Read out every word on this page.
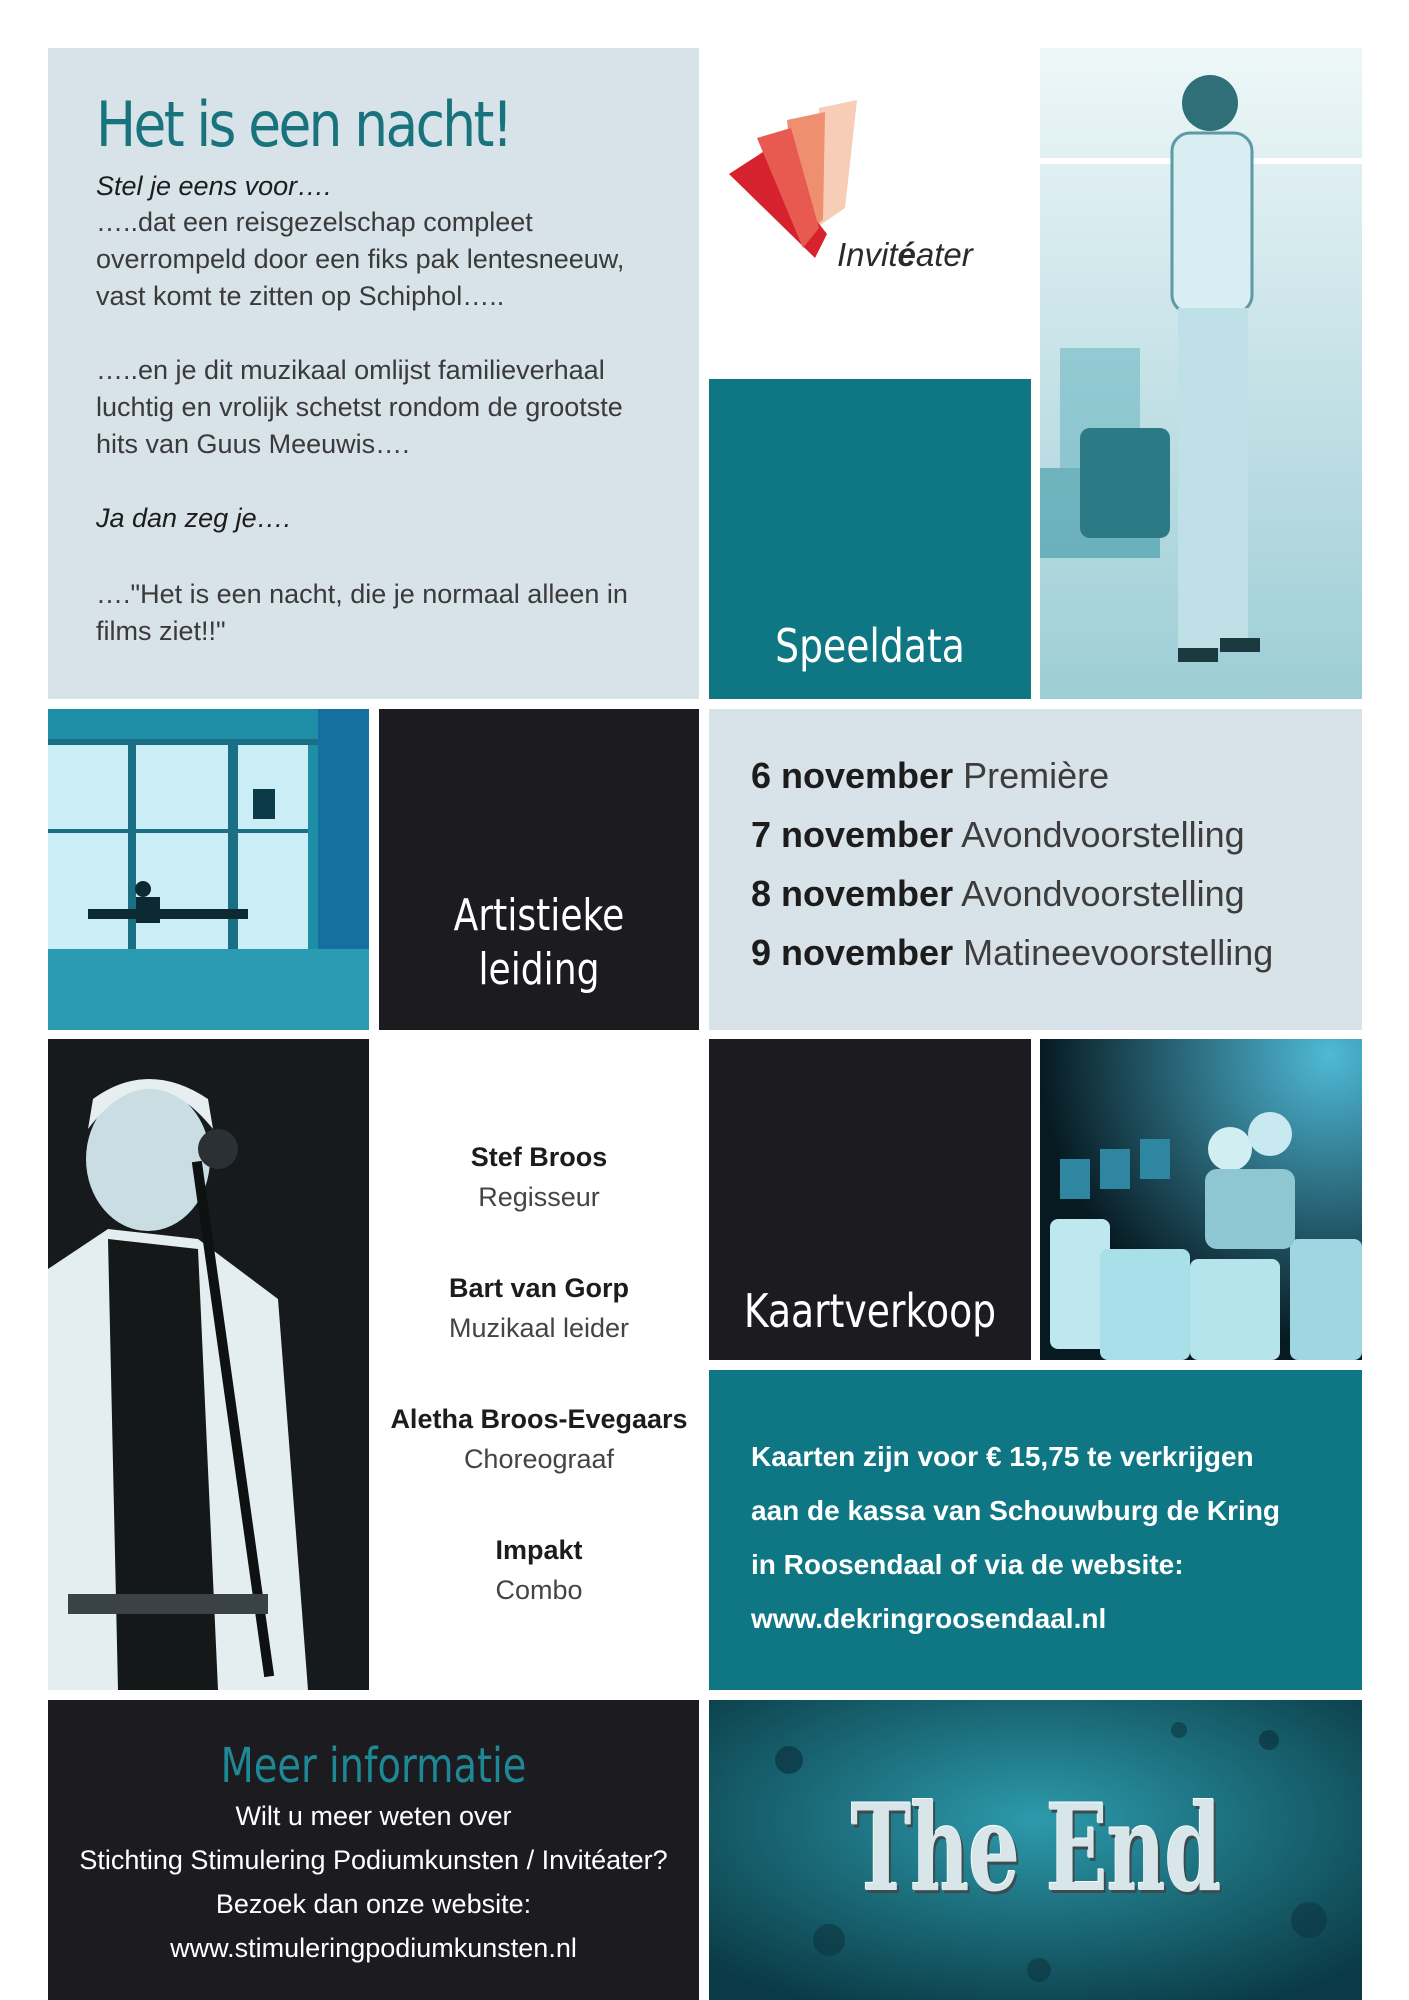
Het is een nacht!
Stel je eens voor….

…..dat een reisgezelschap compleet

overrompeld door een fiks pak lentesneeuw,

vast komt te zitten op Schiphol…..

…..en je dit muzikaal omlijst familieverhaal

luchtig en vrolijk schetst rondom de grootste

hits van Guus Meeuwis….

Ja dan zeg je….

…."Het is een nacht, die je normaal alleen in

films ziet!!"

Invitéater
Speeldata
Artistieke
leiding
6 november Première
7 november Avondvoorstelling
8 november Avondvoorstelling
9 november Matineevoorstelling
Stef Broos
Regisseur
Bart van Gorp
Muzikaal leider
Aletha Broos-Evegaars
Choreograaf
Impakt
Combo
Kaartverkoop

Kaarten zijn voor € 15,75 te verkrijgen

aan de kassa van Schouwburg de Kring

in Roosendaal of via de website:

www.dekringroosendaal.nl

Meer informatie

Wilt u meer weten over

Stichting Stimulering Podiumkunsten / Invitéater?

Bezoek dan onze website:

www.stimuleringpodiumkunsten.nl

The End
